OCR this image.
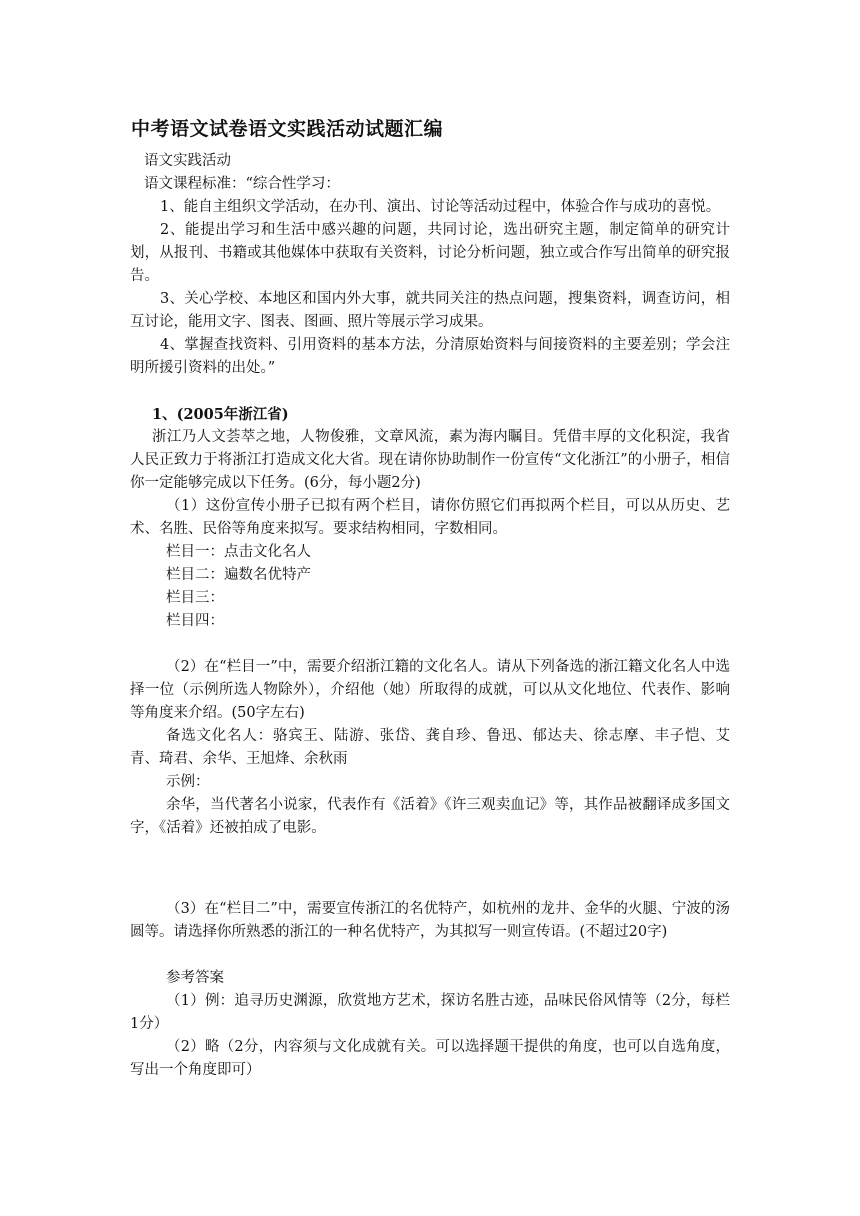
中考语文试卷语文实践活动试题汇编

语文实践活动

语文课程标准：“综合性学习：

1、能自主组织文学活动，在办刊、演出、讨论等活动过程中，体验合作与成功的喜悦。

2、能提出学习和生活中感兴趣的问题，共同讨论，选出研究主题，制定简单的研究计划，从报刊、书籍或其他媒体中获取有关资料，讨论分析问题，独立或合作写出简单的研究报告。

3、关心学校、本地区和国内外大事，就共同关注的热点问题，搜集资料，调查访问，相互讨论，能用文字、图表、图画、照片等展示学习成果。

4、掌握查找资料、引用资料的基本方法，分清原始资料与间接资料的主要差别；学会注明所援引资料的出处。”

1、(2005年浙江省)

浙江乃人文荟萃之地，人物俊雅，文章风流，素为海内瞩目。凭借丰厚的文化积淀，我省人民正致力于将浙江打造成文化大省。现在请你协助制作一份宣传“文化浙江”的小册子，相信你一定能够完成以下任务。(6分，每小题2分)

（1）这份宣传小册子已拟有两个栏目，请你仿照它们再拟两个栏目，可以从历史、艺术、名胜、民俗等角度来拟写。要求结构相同，字数相同。

栏目一：点击文化名人

栏目二：遍数名优特产

栏目三：

栏目四：

（2）在“栏目一”中，需要介绍浙江籍的文化名人。请从下列备选的浙江籍文化名人中选择一位（示例所选人物除外），介绍他（她）所取得的成就，可以从文化地位、代表作、影响等角度来介绍。(50字左右)

备选文化名人：骆宾王、陆游、张岱、龚自珍、鲁迅、郁达夫、徐志摩、丰子恺、艾青、琦君、余华、王旭烽、余秋雨

示例：

余华，当代著名小说家，代表作有《活着》《许三观卖血记》等，其作品被翻译成多国文字，《活着》还被拍成了电影。

（3）在“栏目二”中，需要宣传浙江的名优特产，如杭州的龙井、金华的火腿、宁波的汤圆等。请选择你所熟悉的浙江的一种名优特产，为其拟写一则宣传语。(不超过20字)

参考答案

（1）例：追寻历史渊源，欣赏地方艺术，探访名胜古迹，品味民俗风情等（2分，每栏1分）

（2）略（2分，内容须与文化成就有关。可以选择题干提供的角度，也可以自选角度，写出一个角度即可）
